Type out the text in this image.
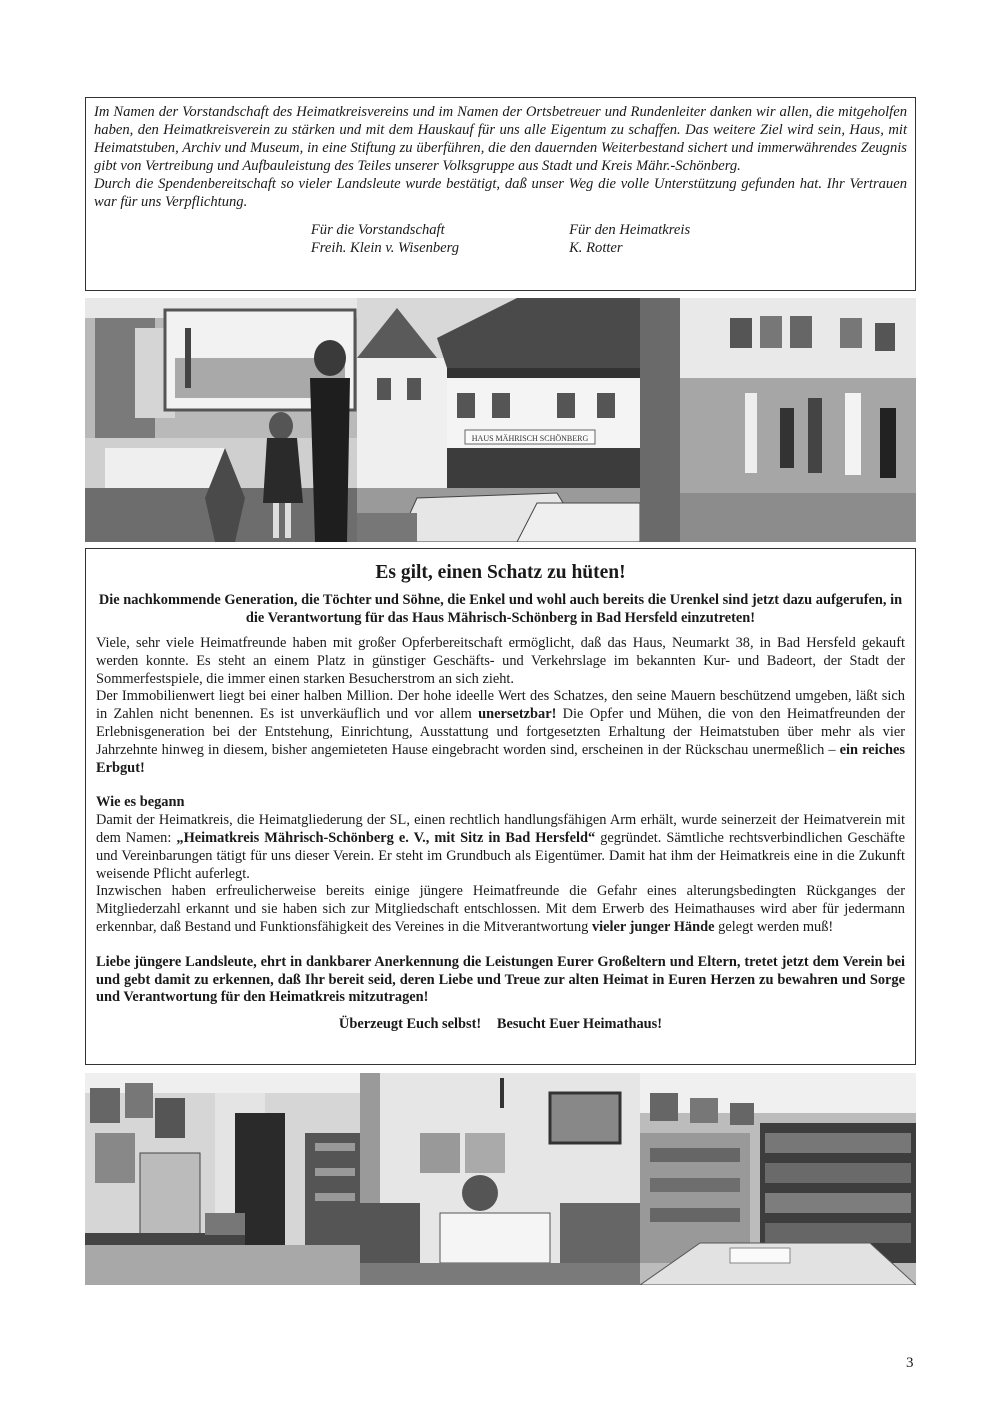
Im Namen der Vorstandschaft des Heimatkreisvereins und im Namen der Ortsbetreuer und Rundenleiter danken wir allen, die mitgeholfen haben, den Heimatkreisverein zu stärken und mit dem Hauskauf für uns alle Eigentum zu schaffen. Das weitere Ziel wird sein, Haus, mit Heimatstuben, Archiv und Museum, in eine Stiftung zu überführen, die den dauernden Weiterbestand sichert und immerwährendes Zeugnis gibt von Vertreibung und Aufbauleistung des Teiles unserer Volksgruppe aus Stadt und Kreis Mähr.-Schönberg.

Durch die Spendenbereitschaft so vieler Landsleute wurde bestätigt, daß unser Weg die volle Unterstützung gefunden hat. Ihr Vertrauen war für uns Verpflichtung.

Für die Vorstandschaft
Freih. Klein v. Wisenberg
Für den Heimatkreis
K. Rotter
HAUS MÄHRISCH SCHÖNBERG
Es gilt, einen Schatz zu hüten!

Die nachkommende Generation, die Töchter und Söhne, die Enkel und wohl auch bereits die Urenkel sind jetzt dazu aufgerufen, in die Verantwortung für das Haus Mährisch-Schönberg in Bad Hersfeld einzutreten!

Viele, sehr viele Heimatfreunde haben mit großer Opferbereitschaft ermöglicht, daß das Haus, Neumarkt 38, in Bad Hersfeld gekauft werden konnte. Es steht an einem Platz in günstiger Geschäfts- und Verkehrslage im bekannten Kur- und Badeort, der Stadt der Sommerfestspiele, die immer einen starken Besucherstrom an sich zieht.

Der Immobilienwert liegt bei einer halben Million. Der hohe ideelle Wert des Schatzes, den seine Mauern beschützend umgeben, läßt sich in Zahlen nicht benennen. Es ist unverkäuflich und vor allem unersetzbar! Die Opfer und Mühen, die von den Heimatfreunden der Erlebnisgeneration bei der Entstehung, Einrichtung, Ausstattung und fortgesetzten Erhaltung der Heimatstuben über mehr als vier Jahrzehnte hinweg in diesem, bisher angemieteten Hause eingebracht worden sind, erscheinen in der Rückschau unermeßlich – ein reiches Erbgut!

Wie es begann

Damit der Heimatkreis, die Heimatgliederung der SL, einen rechtlich handlungsfähigen Arm erhält, wurde seinerzeit der Heimatverein mit dem Namen: „Heimatkreis Mährisch-Schönberg e. V., mit Sitz in Bad Hersfeld“ gegründet. Sämtliche rechtsverbindlichen Geschäfte und Vereinbarungen tätigt für uns dieser Verein. Er steht im Grundbuch als Eigentümer. Damit hat ihm der Heimatkreis eine in die Zukunft weisende Pflicht auferlegt.

Inzwischen haben erfreulicherweise bereits einige jüngere Heimatfreunde die Gefahr eines alterungsbedingten Rückganges der Mitgliederzahl erkannt und sie haben sich zur Mitgliedschaft entschlossen. Mit dem Erwerb des Heimathauses wird aber für jedermann erkennbar, daß Bestand und Funktionsfähigkeit des Vereines in die Mitverantwortung vieler junger Hände gelegt werden muß!

Liebe jüngere Landsleute, ehrt in dankbarer Anerkennung die Leistungen Eurer Großeltern und Eltern, tretet jetzt dem Verein bei und gebt damit zu erkennen, daß Ihr bereit seid, deren Liebe und Treue zur alten Heimat in Euren Herzen zu bewahren und Sorge und Verantwortung für den Heimatkreis mitzutragen!

Überzeugt Euch selbst! Besucht Euer Heimathaus!
3
